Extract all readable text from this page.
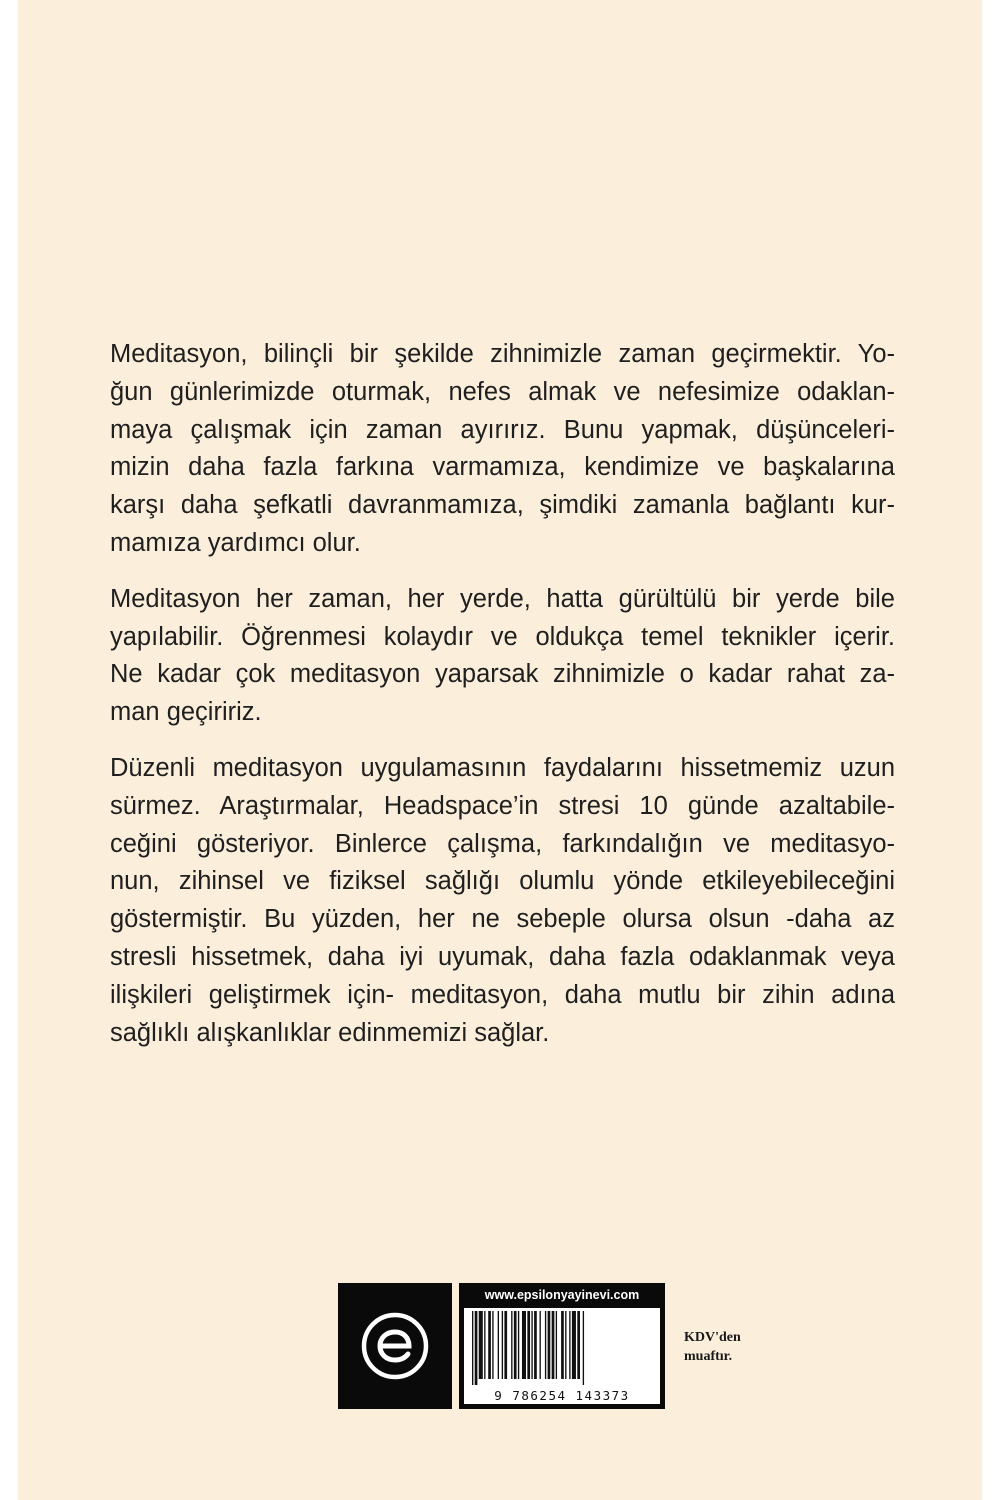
Meditasyon, bilinçli bir şekilde zihnimizle zaman geçirmektir. Yo-
ğun günlerimizde oturmak, nefes almak ve nefesimize odaklan-
maya çalışmak için zaman ayırırız. Bunu yapmak, düşünceleri-
mizin daha fazla farkına varmamıza, kendimize ve başkalarına
karşı daha şefkatli davranmamıza, şimdiki zamanla bağlantı kur-
mamıza yardımcı olur.

Meditasyon her zaman, her yerde, hatta gürültülü bir yerde bile
yapılabilir. Öğrenmesi kolaydır ve oldukça temel teknikler içerir.
Ne kadar çok meditasyon yaparsak zihnimizle o kadar rahat za-
man geçiririz.

Düzenli meditasyon uygulamasının faydalarını hissetmemiz uzun
sürmez. Araştırmalar, Headspace’in stresi 10 günde azaltabile-
ceğini gösteriyor. Binlerce çalışma, farkındalığın ve meditasyo-
nun, zihinsel ve fiziksel sağlığı olumlu yönde etkileyebileceğini
göstermiştir. Bu yüzden, her ne sebeple olursa olsun -daha az
stresli hissetmek, daha iyi uyumak, daha fazla odaklanmak veya
ilişkileri geliştirmek için- meditasyon, daha mutlu bir zihin adına
sağlıklı alışkanlıklar edinmemizi sağlar.

www.epsilonyayinevi.com
9 786254 143373
KDV'den
muaftır.
